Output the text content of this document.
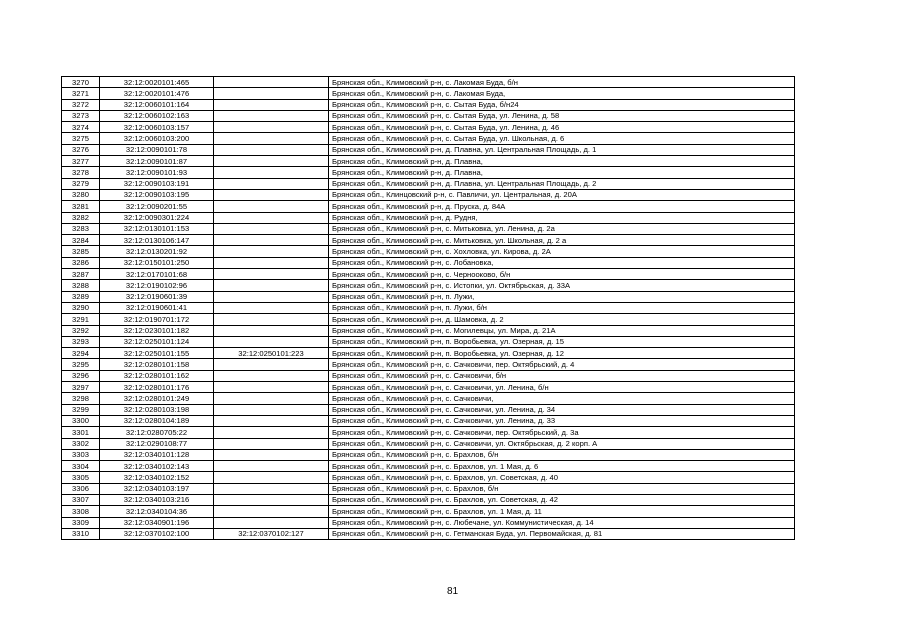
3270	32:12:0020101:465		Брянская обл., Климовский р-н, с. Лакомая Буда, б/н
3271	32:12:0020101:476		Брянская обл., Климовский р-н, с. Лакомая Буда,
3272	32:12:0060101:164		Брянская обл., Климовский р-н, с. Сытая Буда, б/н24
3273	32:12:0060102:163		Брянская обл., Климовский р-н, с. Сытая Буда, ул. Ленина, д. 58
3274	32:12:0060103:157		Брянская обл., Климовский р-н, с. Сытая Буда, ул. Ленина, д. 46
3275	32:12:0060103:200		Брянская обл., Климовский р-н, с. Сытая Буда, ул. Школьная, д. 6
3276	32:12:0090101:78		Брянская обл., Климовский р-н, д. Плавна, ул. Центральная Площадь, д. 1
3277	32:12:0090101:87		Брянская обл., Климовский р-н, д. Плавна,
3278	32:12:0090101:93		Брянская обл., Климовский р-н, д. Плавна,
3279	32:12:0090103:191		Брянская обл., Климовский р-н, д. Плавна, ул. Центральная Площадь, д. 2
3280	32:12:0090103:195		Брянская обл., Клинцовский р-н, с. Павличи, ул. Центральная, д. 20А
3281	32:12:0090201:55		Брянская обл., Климовский р-н, д. Пруска, д. 84А
3282	32:12:0090301:224		Брянская обл., Климовский р-н, д. Рудня,
3283	32:12:0130101:153		Брянская обл., Климовский р-н, с. Митьковка, ул. Ленина, д. 2а
3284	32:12:0130106:147		Брянская обл., Климовский р-н, с. Митьковка, ул. Школьная, д. 2 а
3285	32:12:0130201:92		Брянская обл., Климовский р-н, с. Хохловка, ул. Кирова, д. 2А
3286	32:12:0150101:250		Брянская обл., Климовский р-н, с. Лобановка,
3287	32:12:0170101:68		Брянская обл., Климовский р-н, с. Чернооково, б/н
3288	32:12:0190102:96		Брянская обл., Климовский р-н, с. Истопки, ул. Октябрьская, д. 33А
3289	32:12:0190601:39		Брянская обл., Климовский р-н, п. Лужи,
3290	32:12:0190601:41		Брянская обл., Климовский р-н, п. Лужи, б/н
3291	32:12:0190701:172		Брянская обл., Климовский р-н, д. Шамовка, д. 2
3292	32:12:0230101:182		Брянская обл., Климовский р-н, с. Могилевцы, ул. Мира, д. 21А
3293	32:12:0250101:124		Брянская обл., Климовский р-н, п. Воробьевка, ул. Озерная, д. 15
3294	32:12:0250101:155	32:12:0250101:223	Брянская обл., Климовский р-н, п. Воробьевка, ул. Озерная, д. 12
3295	32:12:0280101:158		Брянская обл., Климовский р-н, с. Сачковичи, пер. Октябрьский, д. 4
3296	32:12:0280101:162		Брянская обл., Климовский р-н, с. Сачковичи, б/н
3297	32:12:0280101:176		Брянская обл., Климовский р-н, с. Сачковичи, ул. Ленина, б/н
3298	32:12:0280101:249		Брянская обл., Климовский р-н, с. Сачковичи,
3299	32:12:0280103:198		Брянская обл., Климовский р-н, с. Сачковичи, ул. Ленина, д. 34
3300	32:12:0280104:189		Брянская обл., Климовский р-н, с. Сачковичи, ул. Ленина, д. 33
3301	32:12:0280705:22		Брянская обл., Климовский р-н, с. Сачковичи, пер. Октябрьский, д. 3а
3302	32:12:0290108:77		Брянская обл., Климовский р-н, с. Сачковичи, ул. Октябрьская, д. 2 корп. А
3303	32:12:0340101:128		Брянская обл., Климовский р-н, с. Брахлов, б/н
3304	32:12:0340102:143		Брянская обл., Климовский р-н, с. Брахлов, ул. 1 Мая, д. 6
3305	32:12:0340102:152		Брянская обл., Климовский р-н, с. Брахлов, ул. Советская, д. 40
3306	32:12:0340103:197		Брянская обл., Климовский р-н, с. Брахлов, б/н
3307	32:12:0340103:216		Брянская обл., Климовский р-н, с. Брахлов, ул. Советская, д. 42
3308	32:12:0340104:36		Брянская обл., Климовский р-н, с. Брахлов, ул. 1 Мая, д. 11
3309	32:12:0340901:196		Брянская обл., Климовский р-н, с. Любечане, ул. Коммунистическая, д. 14
3310	32:12:0370102:100	32:12:0370102:127	Брянская обл., Климовский р-н, с. Гетманская Буда, ул. Первомайская, д. 81
81
